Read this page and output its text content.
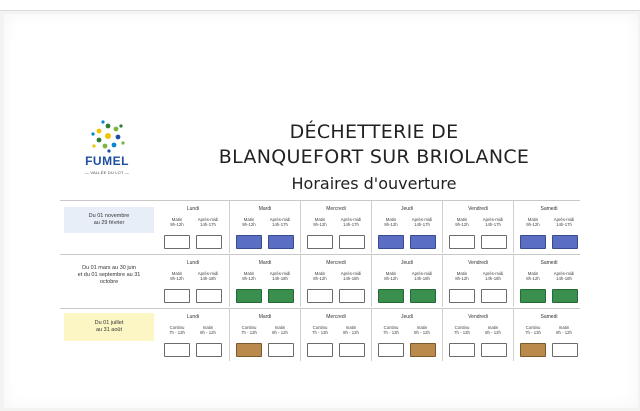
FUMEL
— VALLÉE DU LOT —
DÉCHETTERIE DE
BLANQUEFORT SUR BRIOLANCE
Horaires d'ouverture
Du 01 novembre
au 29 février
Lundi
Matin
9h-12h
Après-midi
14h-17h
Mardi
Matin
9h-12h
Après-midi
14h-17h
Mercredi
Matin
9h-12h
Après-midi
14h-17h
Jeudi
Matin
9h-12h
Après-midi
14h-17h
Vendredi
Matin
9h-12h
Après-midi
14h-17h
Samedi
Matin
9h-12h
Après-midi
14h-17h
Du 01 mars au 30 juin
et du 01 septembre au 31
octobre
Lundi
Matin
8h-12h
Après-midi
14h-18h
Mardi
Matin
8h-12h
Après-midi
14h-18h
Mercredi
Matin
8h-12h
Après-midi
14h-18h
Jeudi
Matin
8h-12h
Après-midi
14h-18h
Vendredi
Matin
8h-12h
Après-midi
14h-18h
Samedi
Matin
8h-12h
Après-midi
14h-18h
Du 01 juillet
au 31 août
Lundi
Continu
7h - 13h
matin
8h - 12h
Mardi
Continu
7h - 13h
matin
8h - 12h
Mercredi
Continu
7h - 13h
matin
8h - 12h
Jeudi
Continu
7h - 13h
matin
8h - 12h
Vendredi
Continu
7h - 13h
matin
8h - 12h
Samedi
Continu
7h - 13h
matin
8h - 12h
